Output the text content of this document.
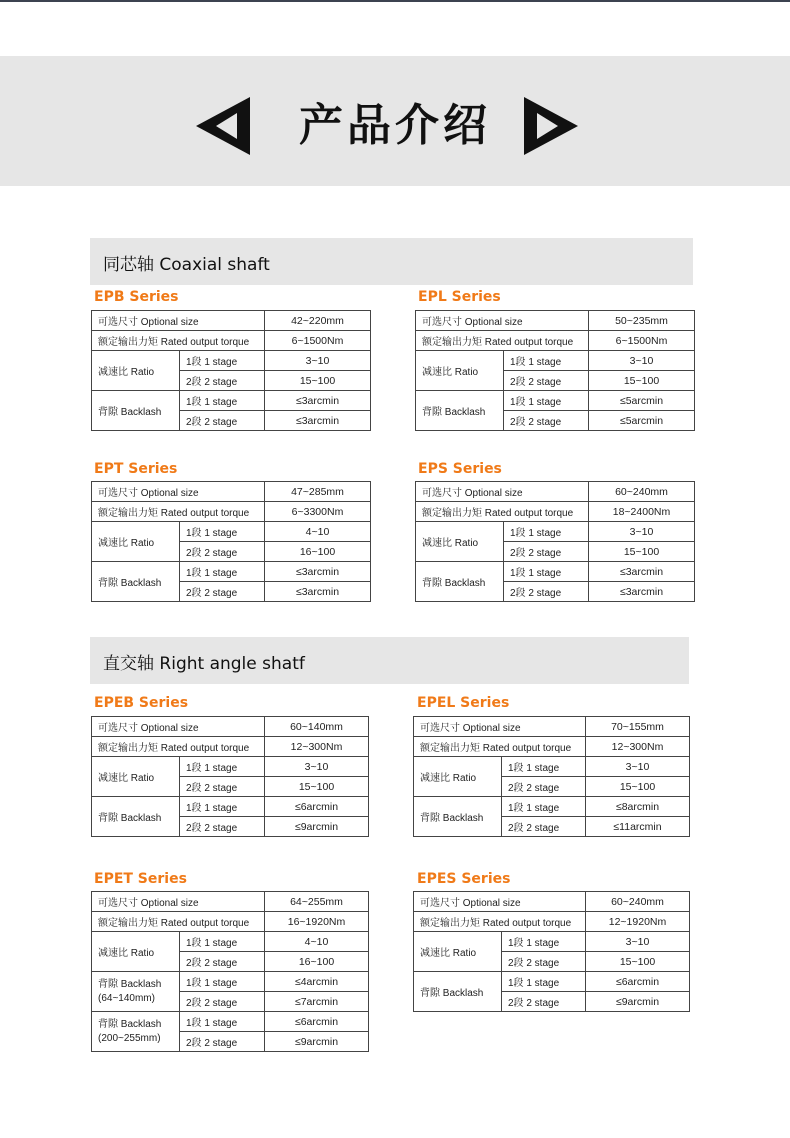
产品介绍
同芯轴 Coaxial shaft
EPB Series
可选尺寸 Optional size		42~220mm
额定输出力矩 Rated output torque		6~1500Nm
减速比 Ratio	1段 1 stage	3~10
	2段 2 stage	15~100
背隙 Backlash	1段 1 stage	≤3arcmin
	2段 2 stage	≤3arcmin
EPL Series
可选尺寸 Optional size		50~235mm
额定输出力矩 Rated output torque		6~1500Nm
减速比 Ratio	1段 1 stage	3~10
	2段 2 stage	15~100
背隙 Backlash	1段 1 stage	≤5arcmin
	2段 2 stage	≤5arcmin
EPT Series
可选尺寸 Optional size		47~285mm
额定输出力矩 Rated output torque		6~3300Nm
减速比 Ratio	1段 1 stage	4~10
	2段 2 stage	16~100
背隙 Backlash	1段 1 stage	≤3arcmin
	2段 2 stage	≤3arcmin
EPS Series
可选尺寸 Optional size		60~240mm
额定输出力矩 Rated output torque		18~2400Nm
减速比 Ratio	1段 1 stage	3~10
	2段 2 stage	15~100
背隙 Backlash	1段 1 stage	≤3arcmin
	2段 2 stage	≤3arcmin
直交轴 Right angle shatf
EPEB Series
可选尺寸 Optional size		60~140mm
额定输出力矩 Rated output torque		12~300Nm
减速比 Ratio	1段 1 stage	3~10
	2段 2 stage	15~100
背隙 Backlash	1段 1 stage	≤6arcmin
	2段 2 stage	≤9arcmin
EPEL Series
可选尺寸 Optional size		70~155mm
额定输出力矩 Rated output torque		12~300Nm
减速比 Ratio	1段 1 stage	3~10
	2段 2 stage	15~100
背隙 Backlash	1段 1 stage	≤8arcmin
	2段 2 stage	≤11arcmin
EPET Series
可选尺寸 Optional size		64~255mm
额定输出力矩 Rated output torque		16~1920Nm
减速比 Ratio	1段 1 stage	4~10
	2段 2 stage	16~100

背隙 Backlash
(64~140mm)	1段 1 stage	≤4arcmin
	2段 2 stage	≤7arcmin

背隙 Backlash
(200~255mm)	1段 1 stage	≤6arcmin
	2段 2 stage	≤9arcmin
EPES Series
可选尺寸 Optional size		60~240mm
额定输出力矩 Rated output torque		12~1920Nm
减速比 Ratio	1段 1 stage	3~10
	2段 2 stage	15~100
背隙 Backlash	1段 1 stage	≤6arcmin
	2段 2 stage	≤9arcmin
